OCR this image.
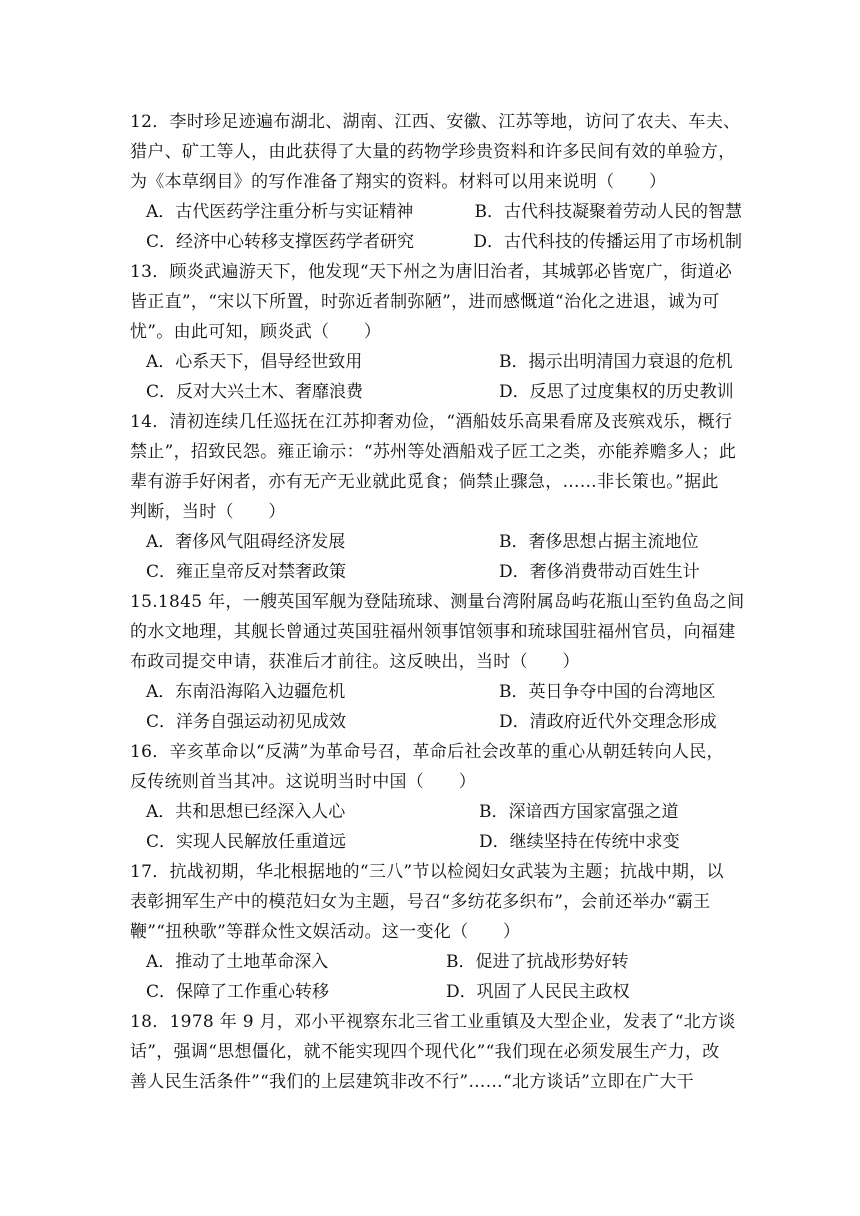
12．李时珍足迹遍布湖北、湖南、江西、安徽、江苏等地，访问了农夫、车夫、
猎户、矿工等人，由此获得了大量的药物学珍贵资料和许多民间有效的单验方，
为《本草纲目》的写作准备了翔实的资料。材料可以用来说明（　　）
A．古代医药学注重分析与实证精神	B．古代科技凝聚着劳动人民的智慧
C．经济中心转移支撑医药学者研究	D．古代科技的传播运用了市场机制
13．顾炎武遍游天下，他发现“天下州之为唐旧治者，其城郭必皆宽广，街道必
皆正直”，“宋以下所置，时弥近者制弥陋”，进而感慨道“治化之进退，诚为可
忧”。由此可知，顾炎武（　　）
A．心系天下，倡导经世致用	B．揭示出明清国力衰退的危机
C．反对大兴土木、奢靡浪费	D．反思了过度集权的历史教训
14．清初连续几任巡抚在江苏抑奢劝俭，“酒船妓乐高果看席及丧殡戏乐，概行
禁止”，招致民怨。雍正谕示：“苏州等处酒船戏子匠工之类，亦能养赡多人；此
辈有游手好闲者，亦有无产无业就此觅食；倘禁止骤急，……非长策也。”据此
判断，当时（　　）
A．奢侈风气阻碍经济发展	B．奢侈思想占据主流地位
C．雍正皇帝反对禁奢政策	D．奢侈消费带动百姓生计
15.1845 年，一艘英国军舰为登陆琉球、测量台湾附属岛屿花瓶山至钓鱼岛之间
的水文地理，其舰长曾通过英国驻福州领事馆领事和琉球国驻福州官员，向福建
布政司提交申请，获准后才前往。这反映出，当时（　　）
A．东南沿海陷入边疆危机	B．英日争夺中国的台湾地区
C．洋务自强运动初见成效	D．清政府近代外交理念形成
16．辛亥革命以“反满”为革命号召，革命后社会改革的重心从朝廷转向人民，
反传统则首当其冲。这说明当时中国（　　）
A．共和思想已经深入人心	B．深谙西方国家富强之道
C．实现人民解放任重道远	D．继续坚持在传统中求变
17．抗战初期，华北根据地的“三八”节以检阅妇女武装为主题；抗战中期，以
表彰拥军生产中的模范妇女为主题，号召“多纺花多织布”，会前还举办“霸王
鞭”“扭秧歌”等群众性文娱活动。这一变化（　　）
A．推动了土地革命深入	B．促进了抗战形势好转
C．保障了工作重心转移	D．巩固了人民民主政权
18．1978 年 9 月，邓小平视察东北三省工业重镇及大型企业，发表了“北方谈
话”，强调“思想僵化，就不能实现四个现代化”“我们现在必须发展生产力，改
善人民生活条件”“我们的上层建筑非改不行”……“北方谈话”立即在广大干
